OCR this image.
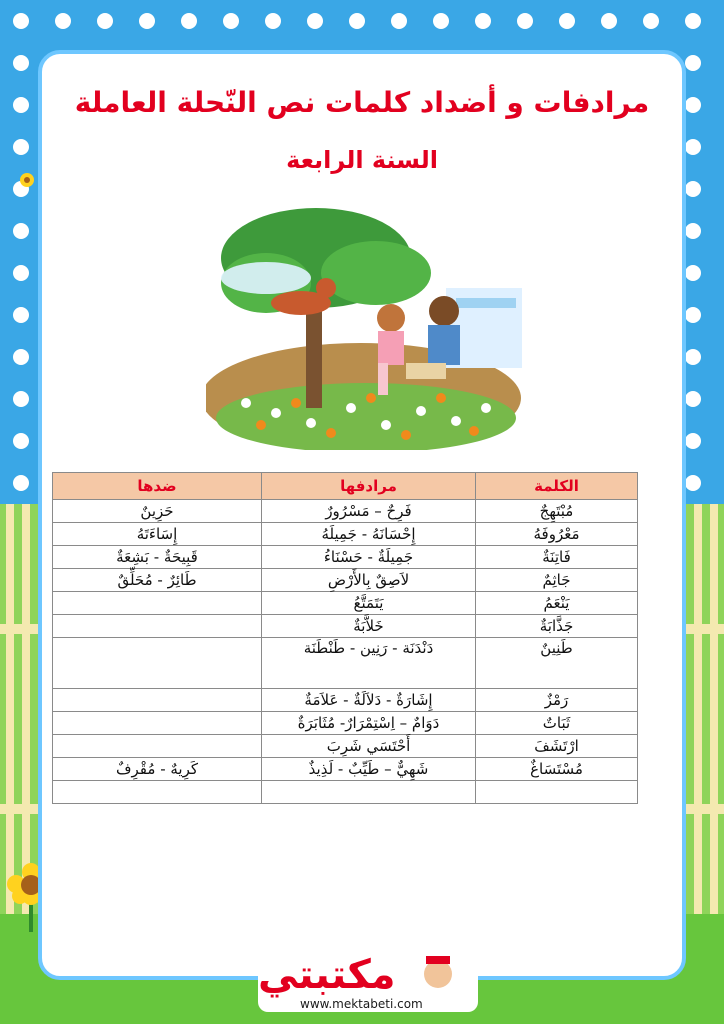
مرادفات و أضداد كلمات نص النّحلة العاملة
السنة الرابعة
الكلمة	مرادفها	ضدها
مُبْتَهِجٌ	فَرِحٌ – مَسْرُورٌ	حَزِينٌ
مَعْرُوفَهُ	إِحْسَانَهُ - جَمِيلَهُ	إِسَاءَتَهُ
فَاتِنَةٌ	جَمِيلَةٌ - حَسْنَاءُ	قَبِيحَةٌ - بَشِعَةٌ
جَاثِمٌ	لاَصِقٌ بِالأَرْضِ	طَائِرٌ - مُحَلِّقٌ
يَنْعَمُ	يَتَمَتَّعُ	
جَذَّابَةٌ	خَلاَّبَةٌ	
طَنِينٌ	دَنْدَنَة - رَنِين - طَنْطَنَة	
رَمْزٌ	إِشَارَةٌ - دَلاَلَةٌ - عَلاَمَةٌ	
ثَبَاتٌ	دَوَامٌ – اِسْتِمْرَارٌ- مُثَابَرَةٌ	
ارْتَشَفَ	أَحْتَسَي شَرِبَ	
مُسْتَسَاغٌ	شَهِيٌّ – طَيِّبٌ - لَذِيذٌ	كَرِيهٌ - مُقْرِفٌ

مكتبتي
www.mektabeti.com
